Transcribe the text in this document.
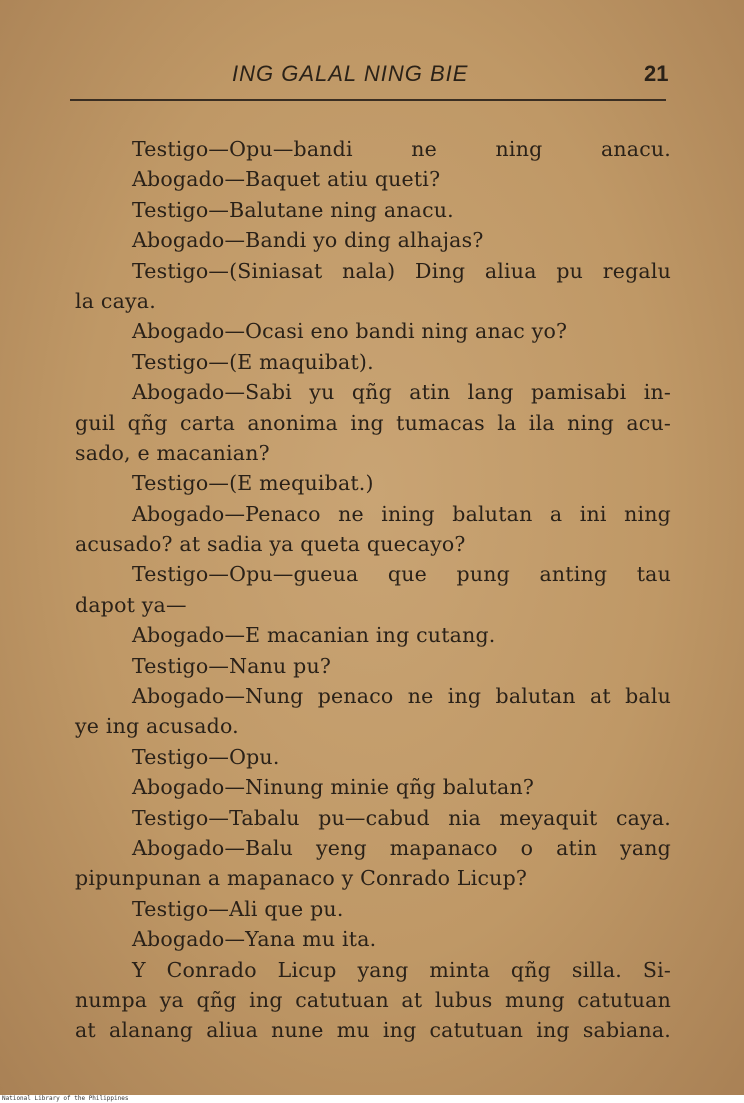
ING GALAL NING BIE	21
Testigo—Opu—bandi ne ning anacu.
Abogado—Baquet atiu queti?
Testigo—Balutane ning anacu.
Abogado—Bandi yo ding alhajas?
Testigo—(Siniasat nala) Ding aliua pu regalu
la caya.
Abogado—Ocasi eno bandi ning anac yo?
Testigo—(E maquibat).
Abogado—Sabi yu qñg atin lang pamisabi in-
guil qñg carta anonima ing tumacas la ila ning acu-
sado, e macanian?
Testigo—(E mequibat.)
Abogado—Penaco ne ining balutan a ini ning
acusado? at sadia ya queta quecayo?
Testigo—Opu—gueua que pung anting tau
dapot ya—
Abogado—E macanian ing cutang.
Testigo—Nanu pu?
Abogado—Nung penaco ne ing balutan at balu
ye ing acusado.
Testigo—Opu.
Abogado—Ninung minie qñg balutan?
Testigo—Tabalu pu—cabud nia meyaquit caya.
Abogado—Balu yeng mapanaco o atin yang
pipunpunan a mapanaco y Conrado Licup?
Testigo—Ali que pu.
Abogado—Yana mu ita.
Y Conrado Licup yang minta qñg silla. Si-
numpa ya qñg ing catutuan at lubus mung catutuan
at alanang aliua nune mu ing catutuan ing sabiana.
National Library of the Philippines
